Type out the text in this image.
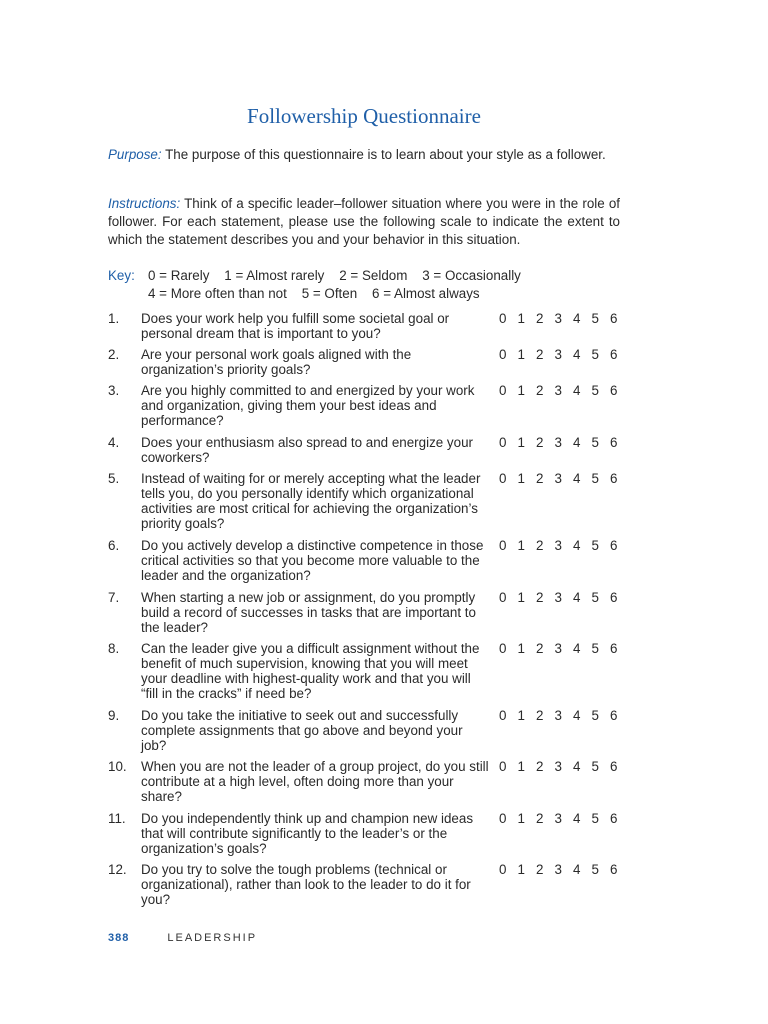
Followership Questionnaire

Purpose: The purpose of this questionnaire is to learn about your style as a follower.

Instructions: Think of a specific leader–follower situation where you were in the role of follower. For each statement, please use the following scale to indicate the extent to which the statement describes you and your behavior in this situation.

Key: 0 = Rarely    1 = Almost rarely    2 = Seldom    3 = Occasionally
4 = More often than not    5 = Often    6 = Almost always
1. Does your work help you fulfill some societal goal or personal dream that is important to you?
0 1 2 3 4 5 6
2. Are your personal work goals aligned with the organization’s priority goals?
0 1 2 3 4 5 6
3. Are you highly committed to and energized by your work and organization, giving them your best ideas and performance?
0 1 2 3 4 5 6
4. Does your enthusiasm also spread to and energize your coworkers?
0 1 2 3 4 5 6
5. Instead of waiting for or merely accepting what the leader tells you, do you personally identify which organizational activities are most critical for achieving the organization’s priority goals?
0 1 2 3 4 5 6
6. Do you actively develop a distinctive competence in those critical activities so that you become more valuable to the leader and the organization?
0 1 2 3 4 5 6
7. When starting a new job or assignment, do you promptly build a record of successes in tasks that are important to the leader?
0 1 2 3 4 5 6
8. Can the leader give you a difficult assignment without the benefit of much supervision, knowing that you will meet your deadline with highest-quality work and that you will “fill in the cracks” if need be?
0 1 2 3 4 5 6
9. Do you take the initiative to seek out and successfully complete assignments that go above and beyond your job?
0 1 2 3 4 5 6
10. When you are not the leader of a group project, do you still contribute at a high level, often doing more than your share?
0 1 2 3 4 5 6
11. Do you independently think up and champion new ideas that will contribute significantly to the leader’s or the organization’s goals?
0 1 2 3 4 5 6
12. Do you try to solve the tough problems (technical or organizational), rather than look to the leader to do it for you?
0 1 2 3 4 5 6
388	LEADERSHIP
